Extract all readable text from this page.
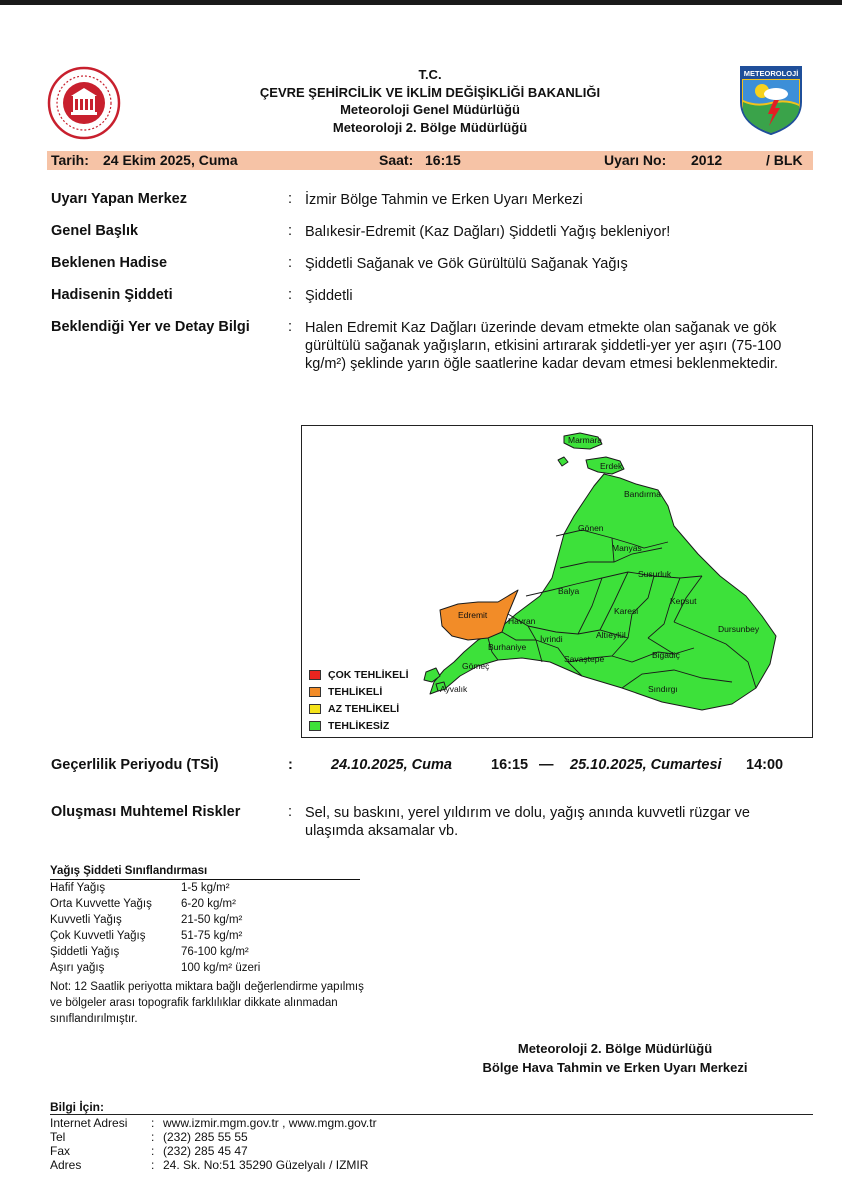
T.C.
ÇEVRE ŞEHİRCİLİK VE İKLİM DEĞİŞİKLİĞİ BAKANLIĞI
Meteoroloji Genel Müdürlüğü
Meteoroloji 2. Bölge Müdürlüğü
METEOROLOJİ
Tarih: 24 Ekim 2025, Cuma	Saat: 16:15	Uyarı No: 2012	/ BLK
Uyarı Yapan Merkez	: İzmir Bölge Tahmin ve Erken Uyarı Merkezi
Genel Başlık	: Balıkesir-Edremit (Kaz Dağları) Şiddetli Yağış bekleniyor!
Beklenen Hadise	: Şiddetli Sağanak ve Gök Gürültülü Sağanak Yağış
Hadisenin Şiddeti	: Şiddetli
Beklendiği Yer ve Detay Bilgi	: Halen Edremit Kaz Dağları üzerinde devam etmekte olan sağanak ve gök gürültülü sağanak yağışların, etkisini artırarak şiddetli-yer yer aşırı (75-100 kg/m²) şeklinde yarın öğle saatlerine kadar devam etmesi beklenmektedir.
Marmara
Erdek
Bandırma
Gönen
Manyas
Susurluk
Balya
Karesi
Kepsut
Dursunbey
Edremit
Havran
İvrindi	Altıeylül
Burhaniye
Bigadiç
Gömeç
Savaştepe
Ayvalık	Sındırgı
ÇOK TEHLİKELİ
TEHLİKELİ
AZ TEHLİKELİ
TEHLİKESİZ
Geçerlilik Periyodu (TSİ)	:	24.10.2025, Cuma	16:15 — 25.10.2025, Cumartesi 14:00
Oluşması Muhtemel Riskler	: Sel, su baskını, yerel yıldırım ve dolu, yağış anında kuvvetli rüzgar ve ulaşımda aksamalar vb.
Yağış Şiddeti Sınıflandırması
Hafif Yağış	1-5 kg/m²
Orta Kuvvette Yağış	6-20 kg/m²
Kuvvetli Yağış	21-50 kg/m²
Çok Kuvvetli Yağış	51-75 kg/m²
Şiddetli Yağış	76-100 kg/m²
Aşırı yağış	100 kg/m² üzeri
Not: 12 Saatlik periyotta miktara bağlı değerlendirme yapılmış ve bölgeler arası topografik farklılıklar dikkate alınmadan sınıflandırılmıştır.
Meteoroloji 2. Bölge Müdürlüğü
Bölge Hava Tahmin ve Erken Uyarı Merkezi
Bilgi İçin:
Internet Adresi : www.izmir.mgm.gov.tr , www.mgm.gov.tr
Tel	: (232) 285 55 55
Fax	: (232) 285 45 47
Adres	: 24. Sk. No:51 35290 Güzelyalı / IZMIR
